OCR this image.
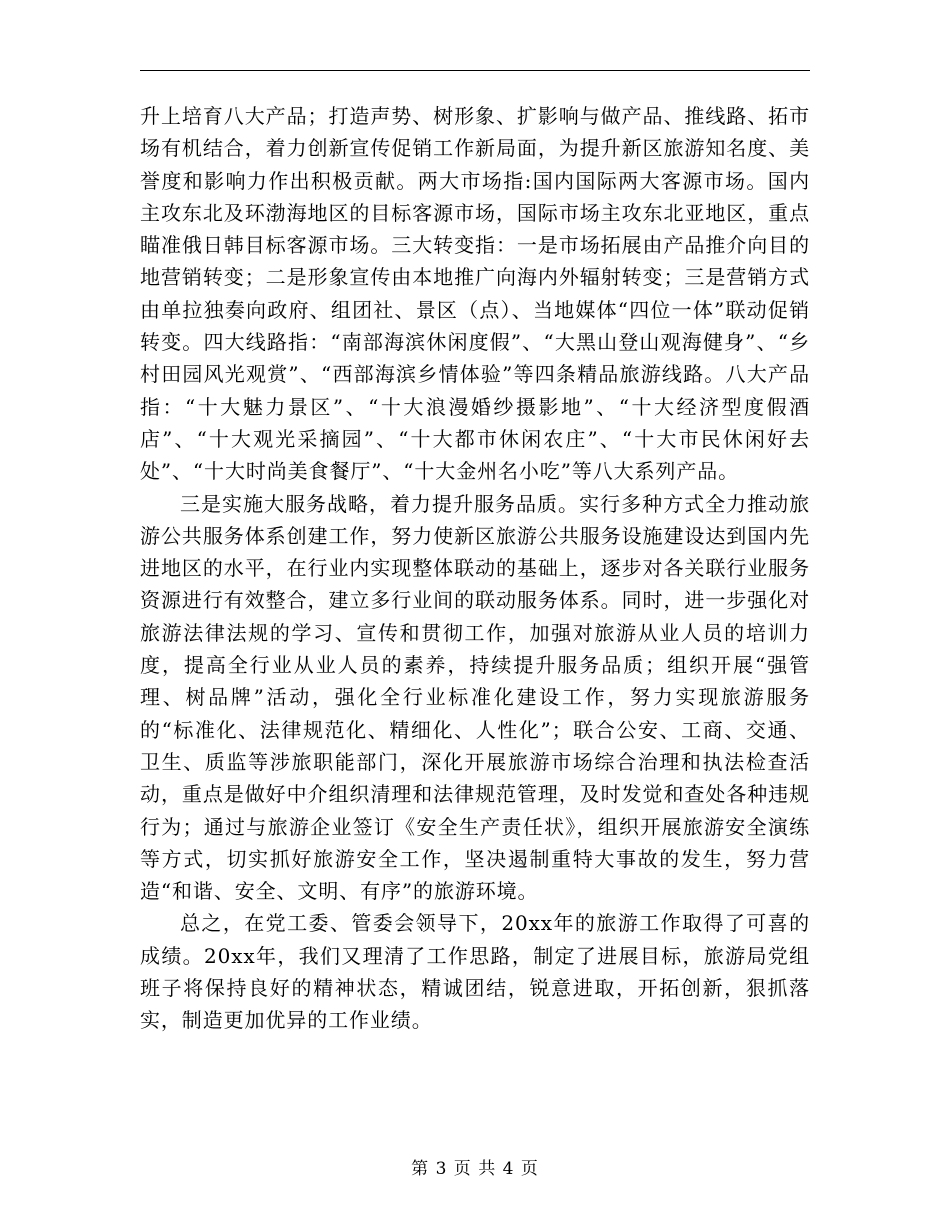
升上培育八大产品；打造声势、树形象、扩影响与做产品、推线路、拓市场有机结合，着力创新宣传促销工作新局面，为提升新区旅游知名度、美誉度和影响力作出积极贡献。两大市场指:国内国际两大客源市场。国内主攻东北及环渤海地区的目标客源市场，国际市场主攻东北亚地区，重点瞄准俄日韩目标客源市场。三大转变指：一是市场拓展由产品推介向目的地营销转变；二是形象宣传由本地推广向海内外辐射转变；三是营销方式由单拉独奏向政府、组团社、景区（点）、当地媒体“四位一体”联动促销转变。四大线路指：“南部海滨休闲度假”、“大黑山登山观海健身”、“乡村田园风光观赏”、“西部海滨乡情体验”等四条精品旅游线路。八大产品指：“十大魅力景区”、“十大浪漫婚纱摄影地”、“十大经济型度假酒店”、“十大观光采摘园”、“十大都市休闲农庄”、“十大市民休闲好去处”、“十大时尚美食餐厅”、“十大金州名小吃”等八大系列产品。

三是实施大服务战略，着力提升服务品质。实行多种方式全力推动旅游公共服务体系创建工作，努力使新区旅游公共服务设施建设达到国内先进地区的水平，在行业内实现整体联动的基础上，逐步对各关联行业服务资源进行有效整合，建立多行业间的联动服务体系。同时，进一步强化对旅游法律法规的学习、宣传和贯彻工作，加强对旅游从业人员的培训力度，提高全行业从业人员的素养，持续提升服务品质；组织开展“强管理、树品牌”活动，强化全行业标准化建设工作，努力实现旅游服务的“标准化、法律规范化、精细化、人性化”；联合公安、工商、交通、卫生、质监等涉旅职能部门，深化开展旅游市场综合治理和执法检查活动，重点是做好中介组织清理和法律规范管理，及时发觉和查处各种违规行为；通过与旅游企业签订《安全生产责任状》，组织开展旅游安全演练等方式，切实抓好旅游安全工作，坚决遏制重特大事故的发生，努力营造“和谐、安全、文明、有序”的旅游环境。

总之，在党工委、管委会领导下，20xx年的旅游工作取得了可喜的成绩。20xx年，我们又理清了工作思路，制定了进展目标，旅游局党组班子将保持良好的精神状态，精诚团结，锐意进取，开拓创新，狠抓落实，制造更加优异的工作业绩。

第 3 页 共 4 页
